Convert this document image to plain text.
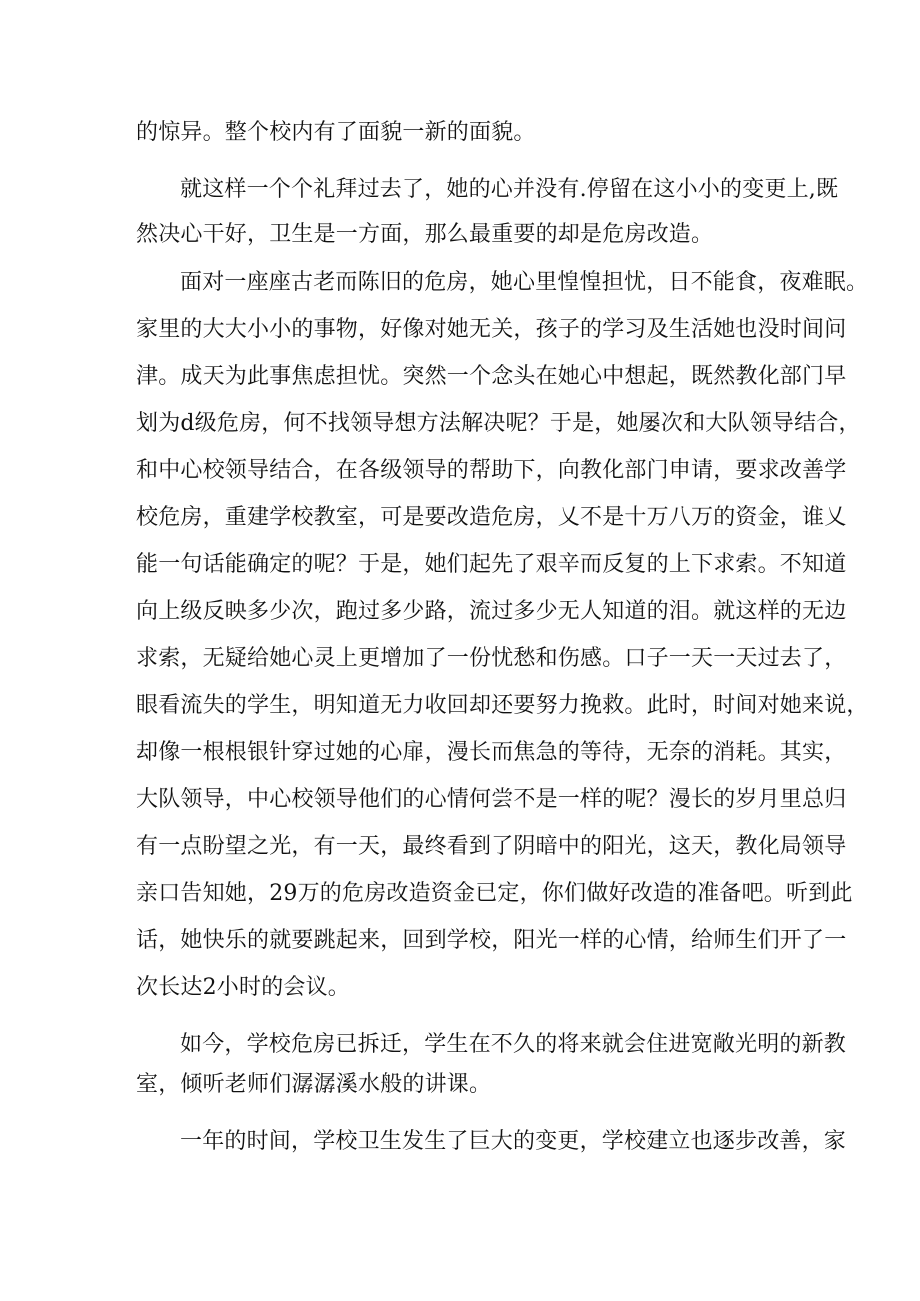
的惊异。整个校内有了面貌一新的面貌。
就这样一个个礼拜过去了，她的心并没有.停留在这小小的变更上,既
然决心干好，卫生是一方面，那么最重要的却是危房改造。
面对一座座古老而陈旧的危房，她心里惶惶担忧，日不能食，夜难眠。
家里的大大小小的事物，好像对她无关，孩子的学习及生活她也没时间问
津。成天为此事焦虑担忧。突然一个念头在她心中想起，既然教化部门早
划为d级危房，何不找领导想方法解决呢？于是，她屡次和大队领导结合，
和中心校领导结合，在各级领导的帮助下，向教化部门申请，要求改善学
校危房，重建学校教室，可是要改造危房，乂不是十万八万的资金，谁乂
能一句话能确定的呢？于是，她们起先了艰辛而反复的上下求索。不知道
向上级反映多少次，跑过多少路，流过多少无人知道的泪。就这样的无边
求索，无疑给她心灵上更增加了一份忧愁和伤感。口子一天一天过去了，
眼看流失的学生，明知道无力收回却还要努力挽救。此时，时间对她来说，
却像一根根银针穿过她的心扉，漫长而焦急的等待，无奈的消耗。其实，
大队领导，中心校领导他们的心情何尝不是一样的呢？漫长的岁月里总归
有一点盼望之光，有一天，最终看到了阴暗中的阳光，这天，教化局领导
亲口告知她，29万的危房改造资金已定，你们做好改造的准备吧。听到此
话，她快乐的就要跳起来，回到学校，阳光一样的心情，给师生们开了一
次长达2小时的会议。
如今，学校危房已拆迁，学生在不久的将来就会住进宽敞光明的新教
室，倾听老师们潺潺溪水般的讲课。
一年的时间，学校卫生发生了巨大的变更，学校建立也逐步改善，家
